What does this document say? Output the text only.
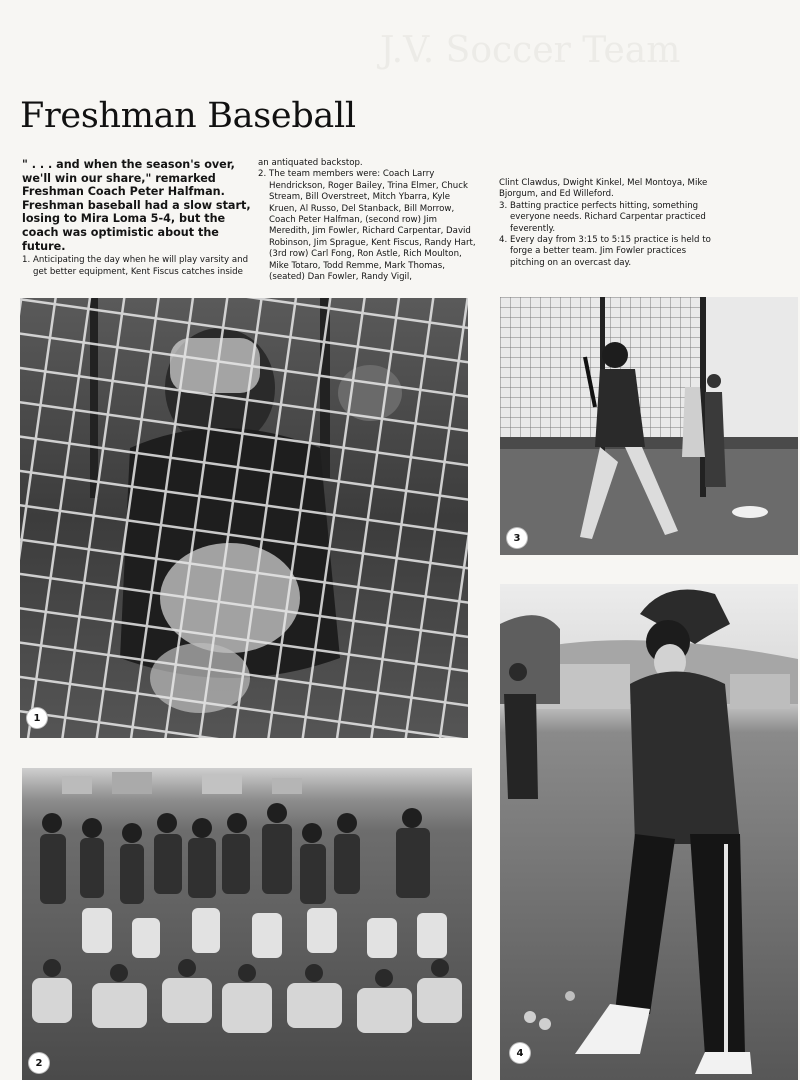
J.V. Soccer Team
Freshman Baseball

" . . . and when the season's over, we'll win our share," remarked Freshman Coach Peter Halfman. Freshman baseball had a slow start, losing to Mira Loma 5-4, but the coach was optimistic about the future.

1. Anticipating the day when he will play varsity and get better equipment, Kent Fiscus catches inside

an antiquated backstop.

2. The team members were: Coach Larry Hendrickson, Roger Bailey, Trina Elmer, Chuck Stream, Bill Overstreet, Mitch Ybarra, Kyle Kruen, Al Russo, Del Stanback, Bill Morrow, Coach Peter Halfman, (second row) Jim Meredith, Jim Fowler, Richard Carpentar, David Robinson, Jim Sprague, Kent Fiscus, Randy Hart, (3rd row) Carl Fong, Ron Astle, Rich Moulton, Mike Totaro, Todd Remme, Mark Thomas, (seated) Dan Fowler, Randy Vigil,

Clint Clawdus, Dwight Kinkel, Mel Montoya, Mike Bjorgum, and Ed Willeford.

3. Batting practice perfects hitting, something everyone needs. Richard Carpentar practiced feverently.

4. Every day from 3:15 to 5:15 practice is held to forge a better team. Jim Fowler practices pitching on an overcast day.

1
2
3
4
